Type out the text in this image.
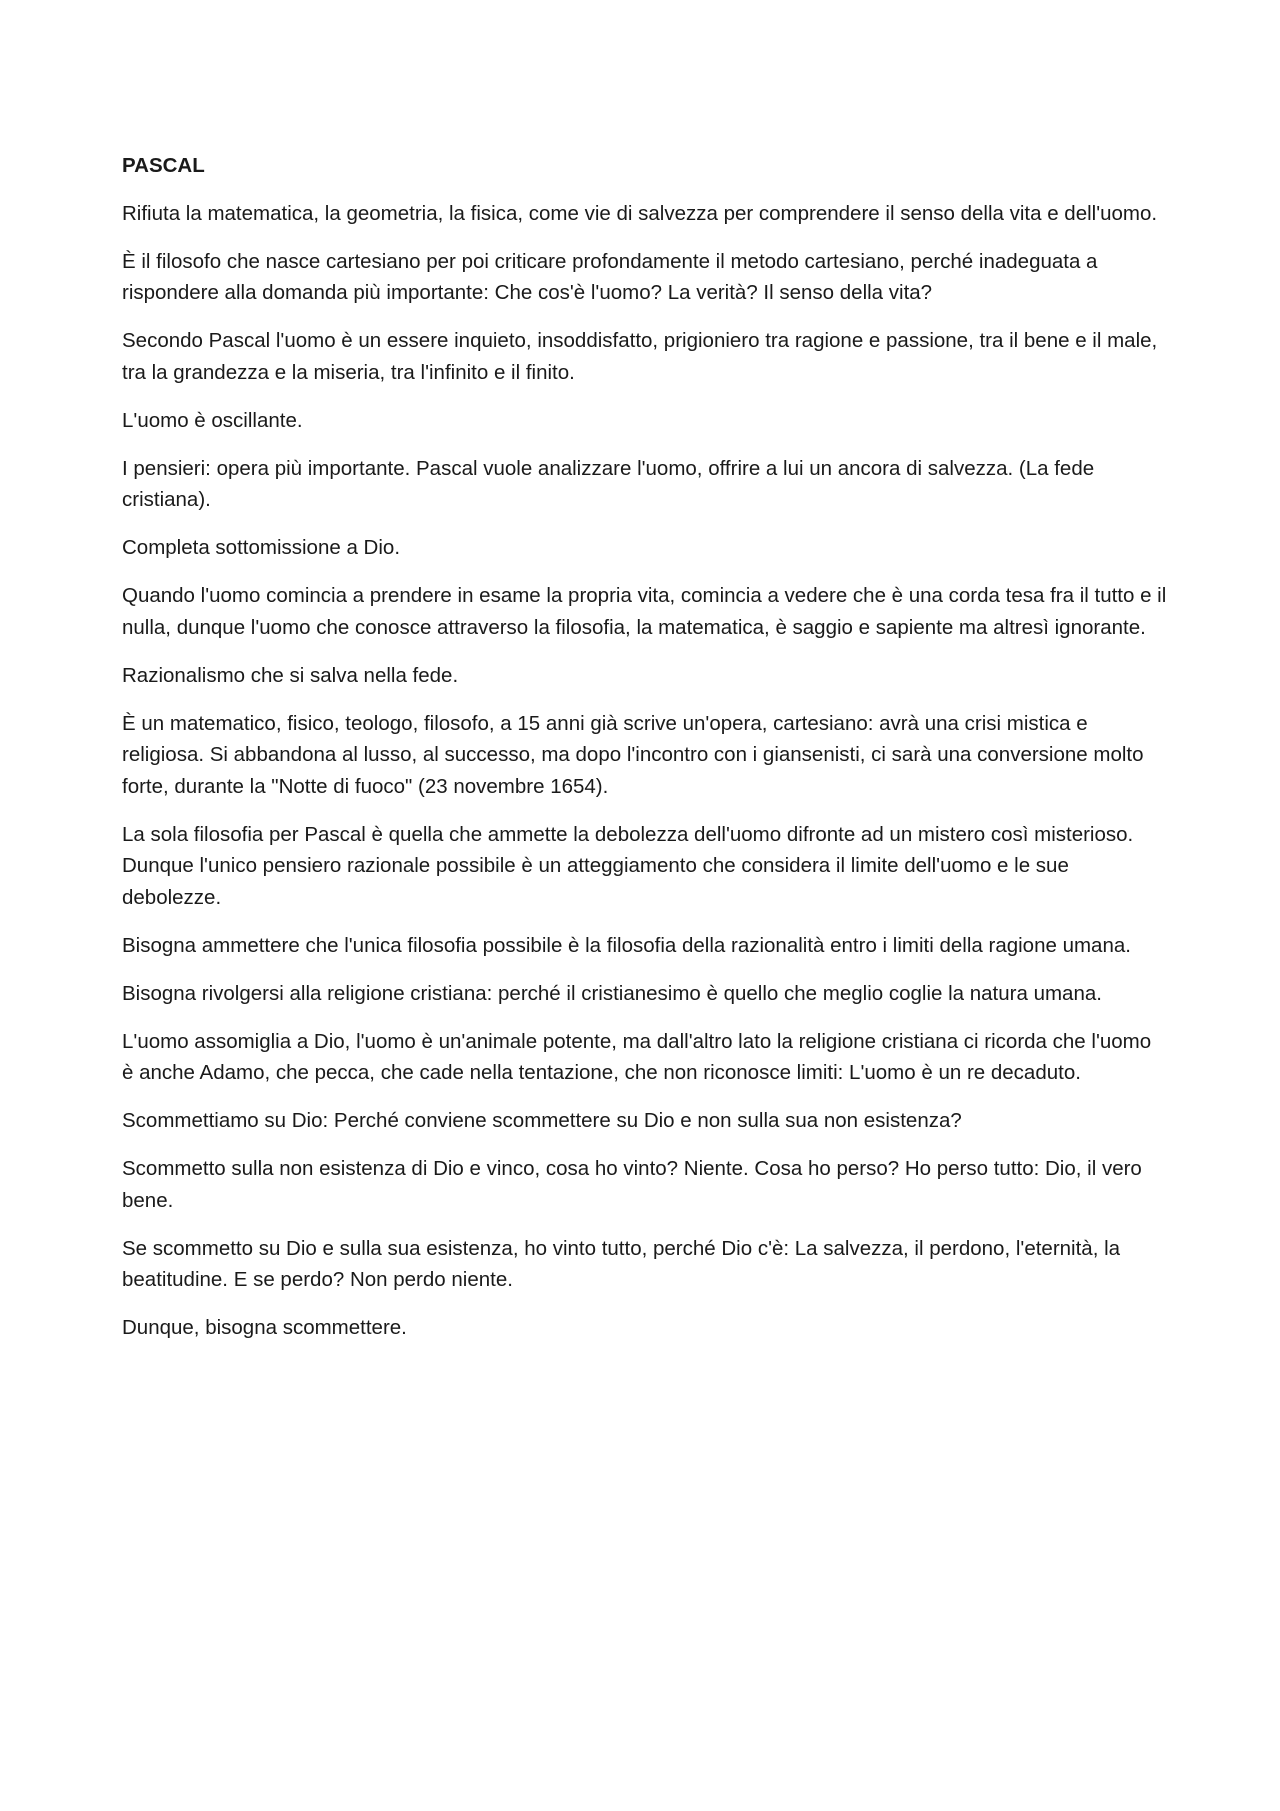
PASCAL

Rifiuta la matematica, la geometria, la fisica, come vie di salvezza per comprendere il senso della vita e dell'uomo.

È il filosofo che nasce cartesiano per poi criticare profondamente il metodo cartesiano, perché inadeguata a rispondere alla domanda più importante: Che cos'è l'uomo? La verità? Il senso della vita?

Secondo Pascal l'uomo è un essere inquieto, insoddisfatto, prigioniero tra ragione e passione, tra il bene e il male, tra la grandezza e la miseria, tra l'infinito e il finito.

L'uomo è oscillante.

I pensieri: opera più importante. Pascal vuole analizzare l'uomo, offrire a lui un ancora di salvezza. (La fede cristiana).

Completa sottomissione a Dio.

Quando l'uomo comincia a prendere in esame la propria vita, comincia a vedere che è una corda tesa fra il tutto e il nulla, dunque l'uomo che conosce attraverso la filosofia, la matematica, è saggio e sapiente ma altresì ignorante.

Razionalismo che si salva nella fede.

È un matematico, fisico, teologo, filosofo, a 15 anni già scrive un'opera, cartesiano: avrà una crisi mistica e religiosa. Si abbandona al lusso, al successo, ma dopo l'incontro con i giansenisti, ci sarà una conversione molto forte, durante la "Notte di fuoco" (23 novembre 1654).

La sola filosofia per Pascal è quella che ammette la debolezza dell'uomo difronte ad un mistero così misterioso. Dunque l'unico pensiero razionale possibile è un atteggiamento che considera il limite dell'uomo e le sue debolezze.

Bisogna ammettere che l'unica filosofia possibile è la filosofia della razionalità entro i limiti della ragione umana.

Bisogna rivolgersi alla religione cristiana: perché il cristianesimo è quello che meglio coglie la natura umana.

L'uomo assomiglia a Dio, l'uomo è un'animale potente, ma dall'altro lato la religione cristiana ci ricorda che l'uomo è anche Adamo, che pecca, che cade nella tentazione, che non riconosce limiti: L'uomo è un re decaduto.

Scommettiamo su Dio: Perché conviene scommettere su Dio e non sulla sua non esistenza?

Scommetto sulla non esistenza di Dio e vinco, cosa ho vinto? Niente. Cosa ho perso? Ho perso tutto: Dio, il vero bene.

Se scommetto su Dio e sulla sua esistenza, ho vinto tutto, perché Dio c'è: La salvezza, il perdono, l'eternità, la beatitudine. E se perdo? Non perdo niente.

Dunque, bisogna scommettere.
